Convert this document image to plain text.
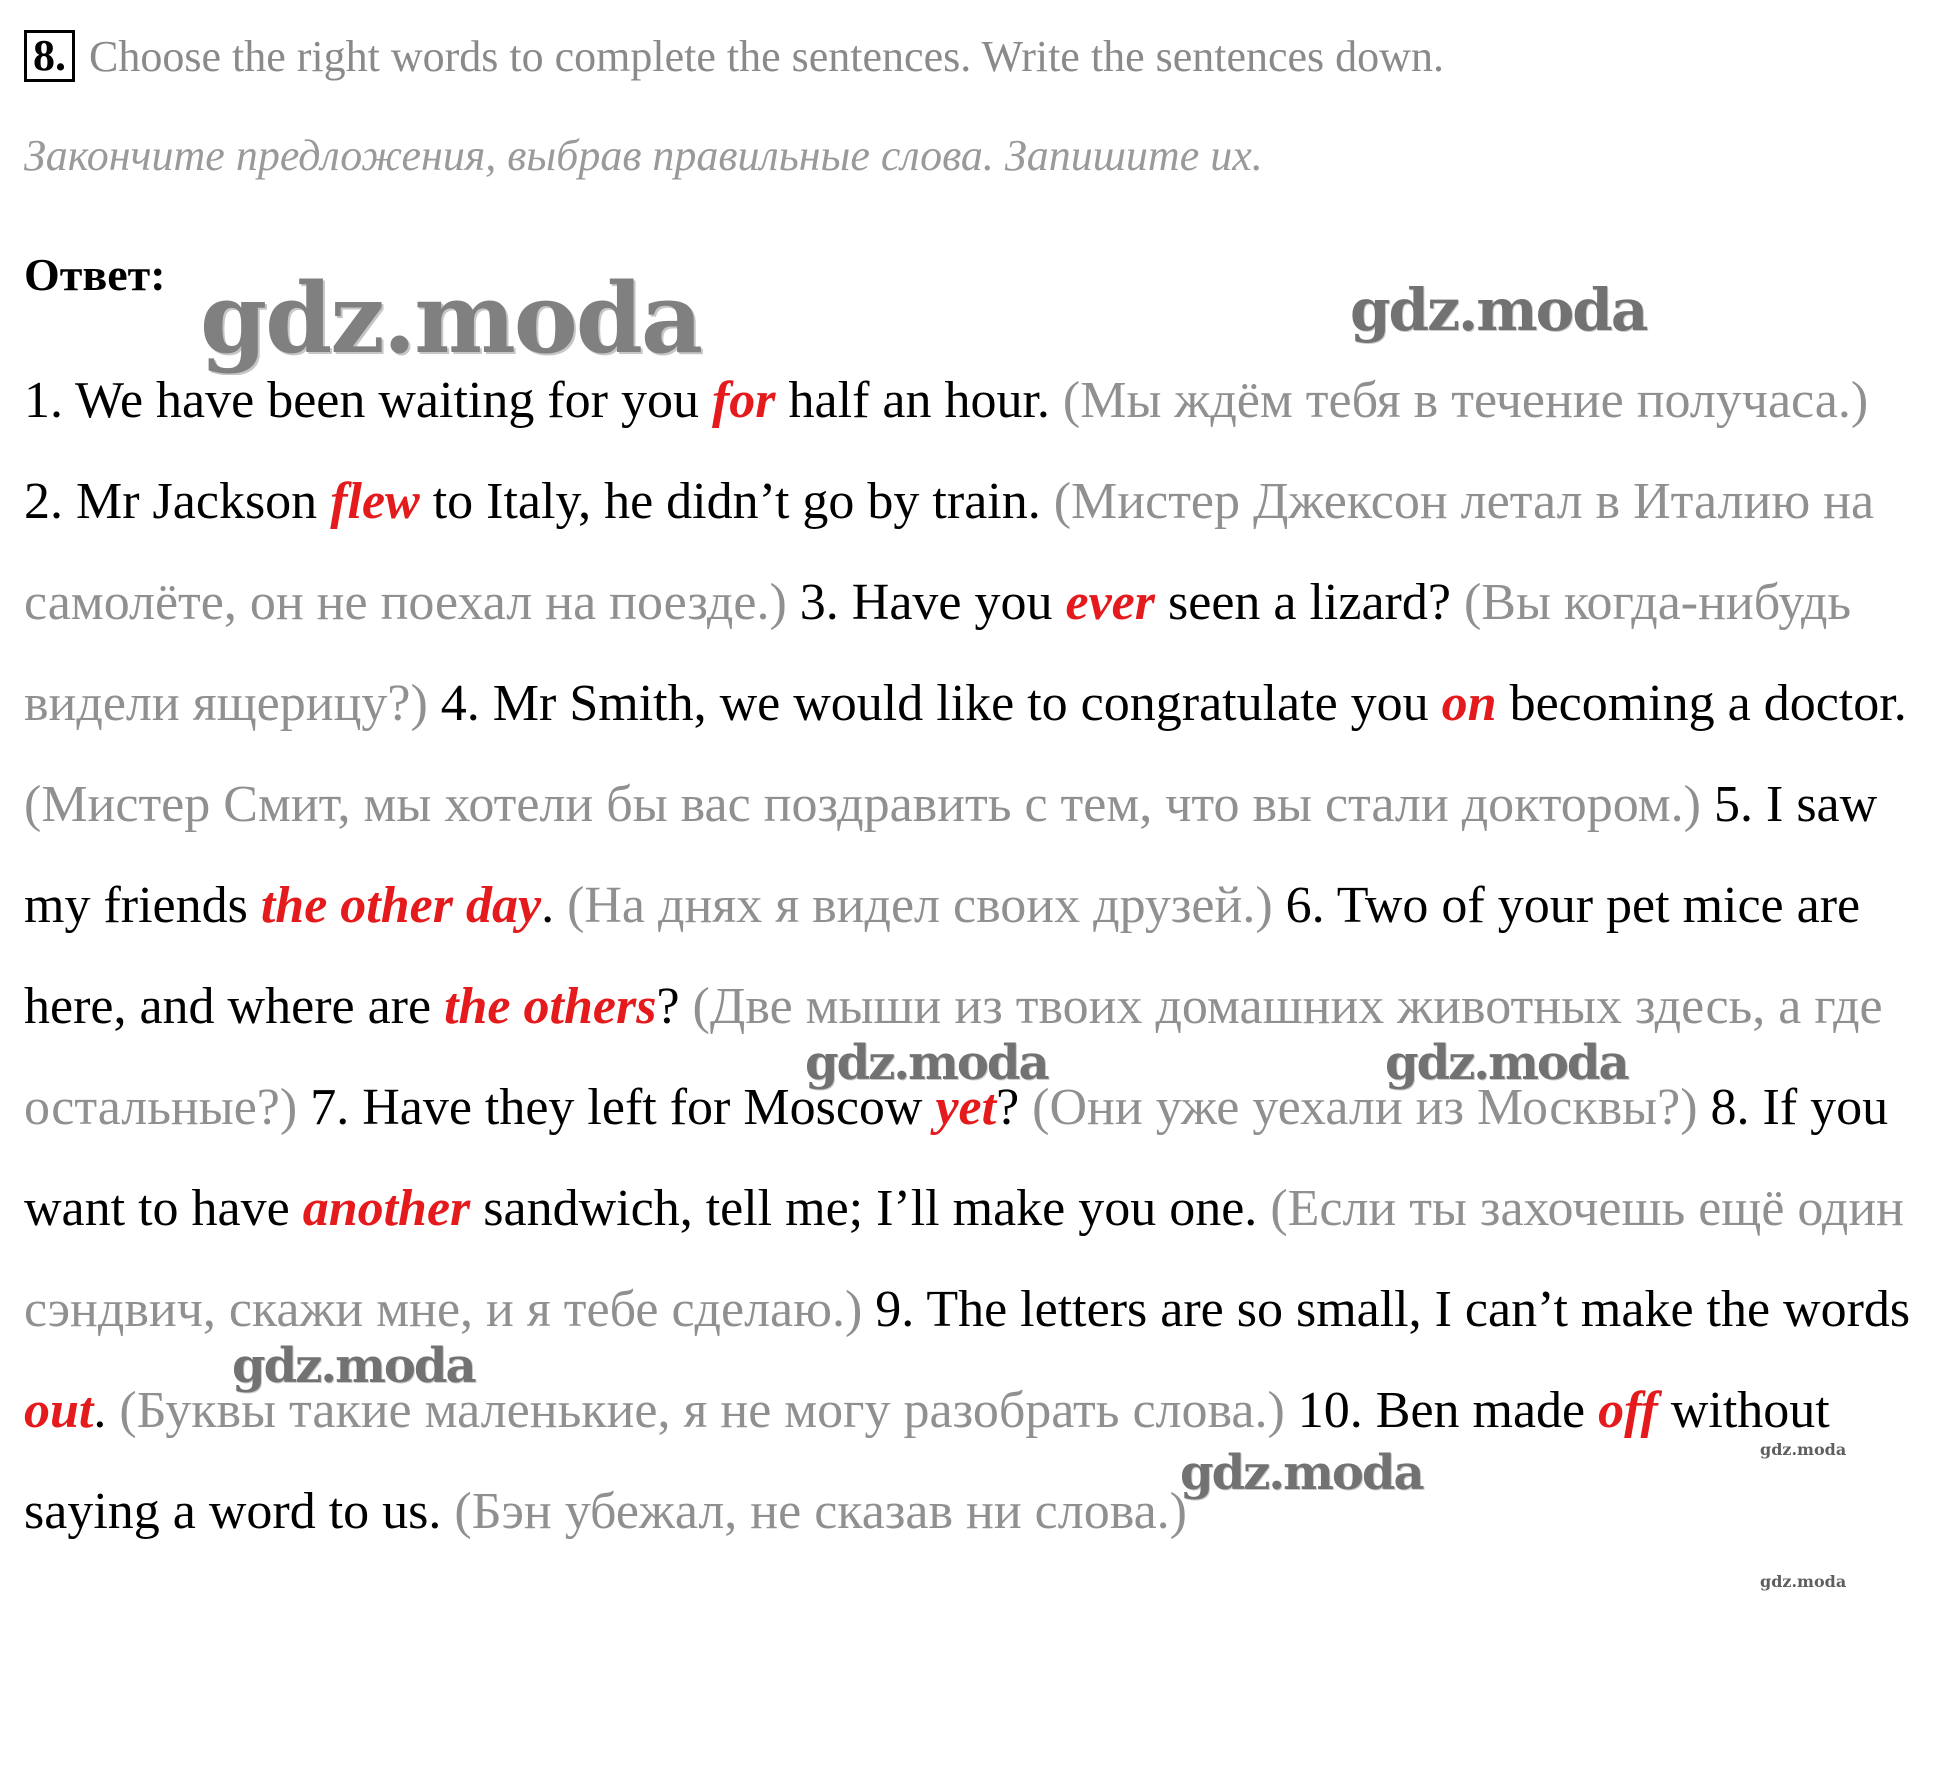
8. Choose the right words to complete the sentences. Write the sentences down.
Закончите предложения, выбрав правильные слова. Запишите их.
Ответ:

1. We have been waiting for you for half an hour. (Мы ждём тебя в течение получаса.) 2. Mr Jackson flew to Italy, he didn’t go by train. (Мистер Джексон летал в Италию на самолёте, он не поехал на поезде.) 3. Have you ever seen a lizard? (Вы когда-нибудь видели ящерицу?) 4. Mr Smith, we would like to congratulate you on becoming a doctor. (Мистер Смит, мы хотели бы вас поздравить с тем, что вы стали доктором.) 5. I saw my friends the other day. (На днях я видел своих друзей.) 6. Two of your pet mice are here, and where are the others? (Две мыши из твоих домашних животных здесь, а где остальные?) 7. Have they left for Moscow yet? (Они уже уехали из Москвы?) 8. If you want to have another sandwich, tell me; I’ll make you one. (Если ты захочешь ещё один сэндвич, скажи мне, и я тебе сделаю.) 9. The letters are so small, I can’t make the words out. (Буквы такие маленькие, я не могу разобрать слова.) 10. Ben made off without saying a word to us. (Бэн убежал, не сказав ни слова.)

gdz.moda	gdz.moda
gdz.moda	gdz.moda
gdz.moda
gdz.moda	gdz.moda
gdz.moda
